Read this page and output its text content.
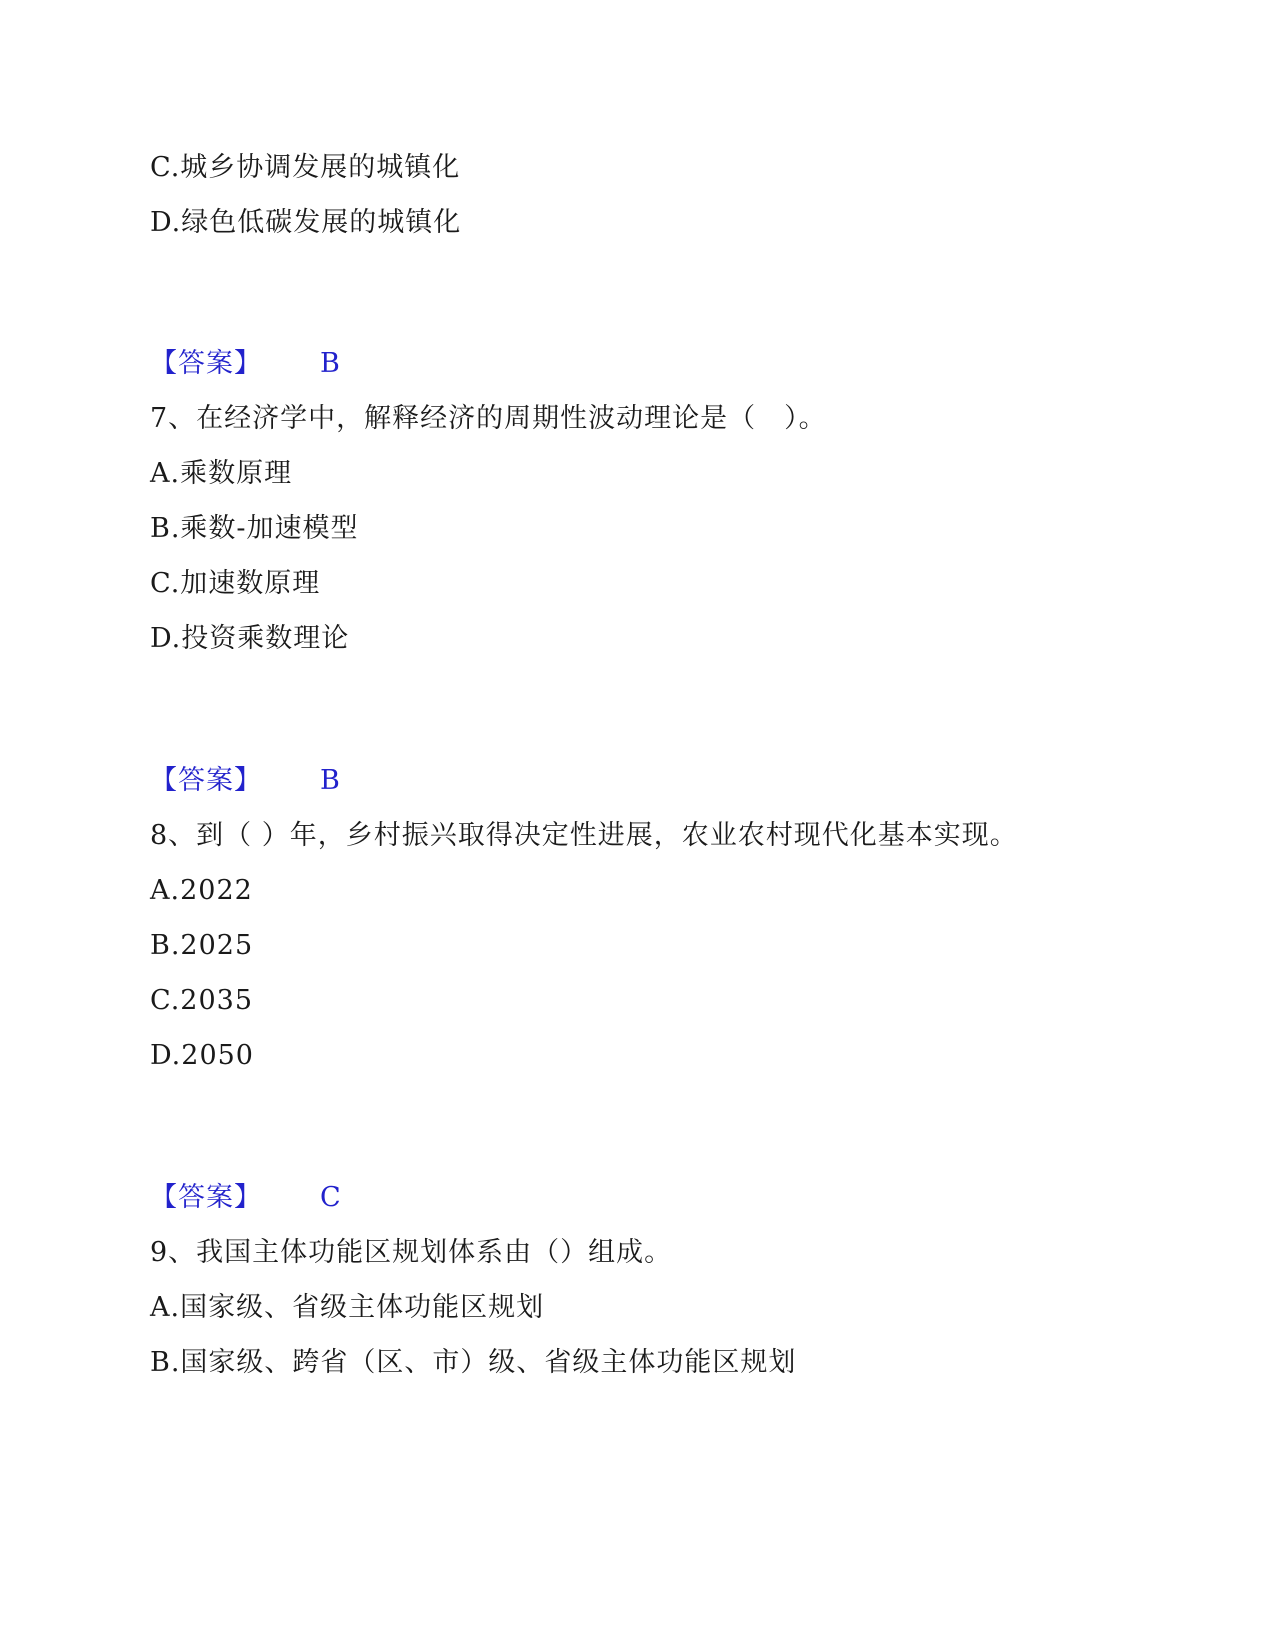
C.城乡协调发展的城镇化
D.绿色低碳发展的城镇化
【答案】 B
7、在经济学中，解释经济的周期性波动理论是（　）。
A.乘数原理
B.乘数-加速模型
C.加速数原理
D.投资乘数理论
【答案】 B
8、到（ ）年，乡村振兴取得决定性进展，农业农村现代化基本实现。
A.2022
B.2025
C.2035
D.2050
【答案】 C
9、我国主体功能区规划体系由（）组成。
A.国家级、省级主体功能区规划
B.国家级、跨省（区、市）级、省级主体功能区规划
